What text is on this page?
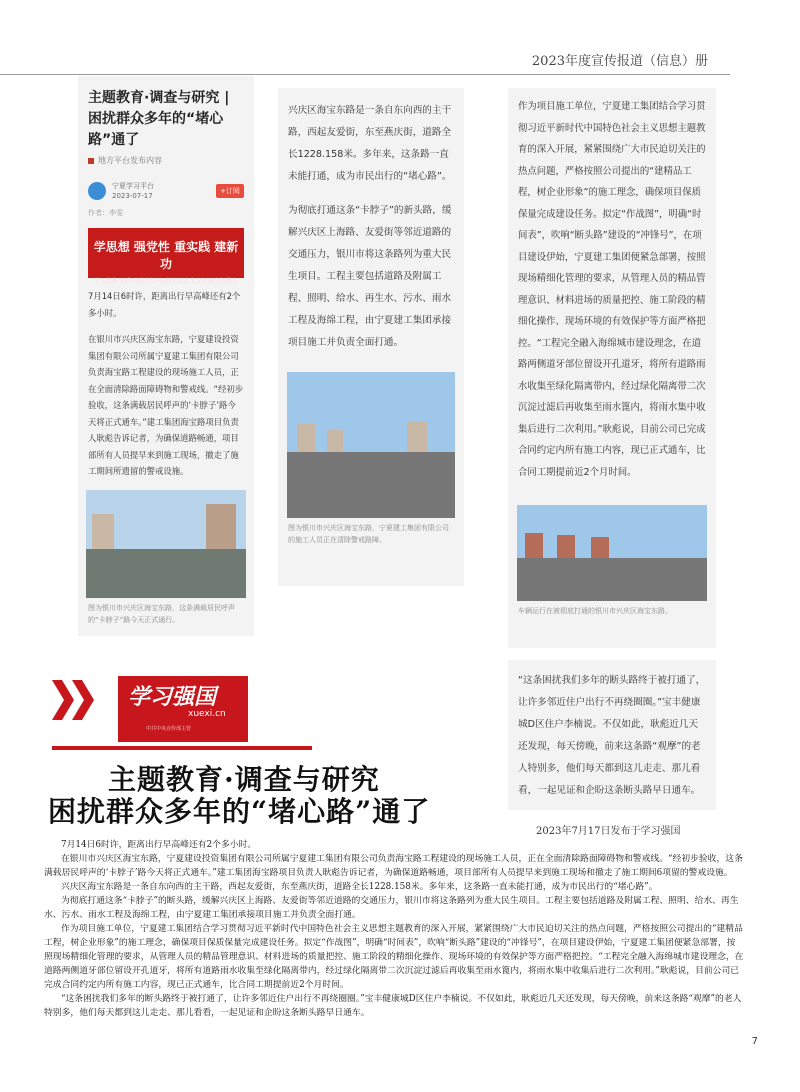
2023年度宣传报道（信息）册
主题教育·调查与研究 | 困扰群众多年的“堵心路”通了
地方平台发布内容
宁夏学习平台
2023-07-17
+订阅
作者：李雯
学思想 强党性 重实践 建新功
学习贯彻习近平新时代中国特色社会主义思想主题教育
7月14日6时许，距离出行早高峰还有2个多小时。
在银川市兴庆区海宝东路，宁夏建设投资集团有限公司所属宁夏建工集团有限公司负责海宝路工程建设的现场施工人员，正在全面清除路面障碍物和警戒线。“经初步验收，这条满载居民呼声的‘卡脖子’路今天将正式通车。”建工集团海宝路项目负责人耿彪告诉记者，为确保道路畅通，项目部所有人员提早来到施工现场，撤走了施工期间所遗留的警戒设施。
图为银川市兴庆区海宝东路，这条满载居民呼声的“卡脖子”路今天正式通行。
兴庆区海宝东路是一条自东向西的主干路，西起友爱街，东至燕庆街，道路全长1228.158米。多年来，这条路一直未能打通，成为市民出行的“堵心路”。
为彻底打通这条“卡脖子”的新头路，缓解兴庆区上海路、友爱街等邻近道路的交通压力，银川市将这条路列为重大民生项目。工程主要包括道路及附属工程、照明、给水、再生水、污水、雨水工程及海绵工程，由宁夏建工集团承接项目施工并负责全面打通。
图为银川市兴庆区海宝东路，宁夏建工集团有限公司的施工人员正在清除警戒路障。
作为项目施工单位，宁夏建工集团结合学习贯彻习近平新时代中国特色社会主义思想主题教育的深入开展，紧紧围绕广大市民迫切关注的热点问题，严格按照公司提出的“建精品工程，树企业形象”的施工理念，确保项目保质保量完成建设任务。拟定“作战图”，明确“时间表”，吹响“断头路”建设的“冲锋号”，在项目建设伊始，宁夏建工集团便紧急部署，按照现场精细化管理的要求，从管理人员的精品管理意识、材料进场的质量把控、施工阶段的精细化操作、现场环境的有效保护等方面严格把控。“工程完全融入海绵城市建设理念，在道路两侧道牙部位留设开孔道牙，将所有道路雨水收集至绿化隔离带内，经过绿化隔离带二次沉淀过滤后再收集至雨水篦内，将雨水集中收集后进行二次利用。”耿彪说，目前公司已完成合同约定内所有施工内容，现已正式通车，比合同工期提前近2个月时间。
车辆运行在被彻底打通的银川市兴庆区海宝东路。
“这条困扰我们多年的断头路终于被打通了，让许多邻近住户出行不再绕圈圈。”宝丰健康城D区住户李楠说。不仅如此，耿彪近几天还发现，每天傍晚，前来这条路“观摩”的老人特别多，他们每天都到这儿走走、那儿看看，一起见证和企盼这条断头路早日通车。
学习强国
xuexi.cn
中共中央宣传部主管
主题教育·调查与研究
困扰群众多年的“堵心路”通了
2023年7月17日发布于学习强国

7月14日6时许，距离出行早高峰还有2个多小时。

在银川市兴庆区海宝东路，宁夏建设投资集团有限公司所属宁夏建工集团有限公司负责海宝路工程建设的现场施工人员，正在全面清除路面障碍物和警戒线。“经初步验收，这条满载居民呼声的‘卡脖子’路今天将正式通车。”建工集团海宝路项目负责人耿彪告诉记者，为确保道路畅通，项目部所有人员提早来到施工现场和撤走了施工期间6项留的警戒设施。

兴庆区海宝东路是一条自东向西的主干路，西起友爱街，东至燕庆街，道路全长1228.158米。多年来，这条路一直未能打通，成为市民出行的“堵心路”。

为彻底打通这条“卡脖子”的断头路，缓解兴庆区上海路、友爱街等邻近道路的交通压力，银川市将这条路列为重大民生项目。工程主要包括道路及附属工程、照明、给水、再生水、污水、雨水工程及海绵工程，由宁夏建工集团承接项目施工并负责全面打通。

作为项目施工单位，宁夏建工集团结合学习贯彻习近平新时代中国特色社会主义思想主题教育的深入开展，紧紧围绕广大市民迫切关注的热点问题，严格按照公司提出的“建精品工程，树企业形象”的施工理念，确保项目保质保量完成建设任务。拟定“作战图”，明确“时间表”，吹响“断头路”建设的“冲锋号”，在项目建设伊始，宁夏建工集团便紧急部署，按照现场精细化管理的要求，从管理人员的精品管理意识、材料进场的质量把控、施工阶段的精细化操作、现场环境的有效保护等方面严格把控。“工程完全融入海绵城市建设理念，在道路两侧道牙部位留设开孔道牙，将所有道路雨水收集至绿化隔离带内，经过绿化隔离带二次沉淀过滤后再收集至雨水篦内，将雨水集中收集后进行二次利用。”耿彪说，目前公司已完成合同约定内所有施工内容，现已正式通车，比合同工期提前近2个月时间。

“这条困扰我们多年的断头路终于被打通了，让许多邻近住户出行不再绕圈圈。”宝丰健康城D区住户李楠说。不仅如此，耿彪近几天还发现，每天傍晚，前来这条路“观摩”的老人特别多，他们每天都到这儿走走、那儿看看，一起见证和企盼这条断头路早日通车。

7
